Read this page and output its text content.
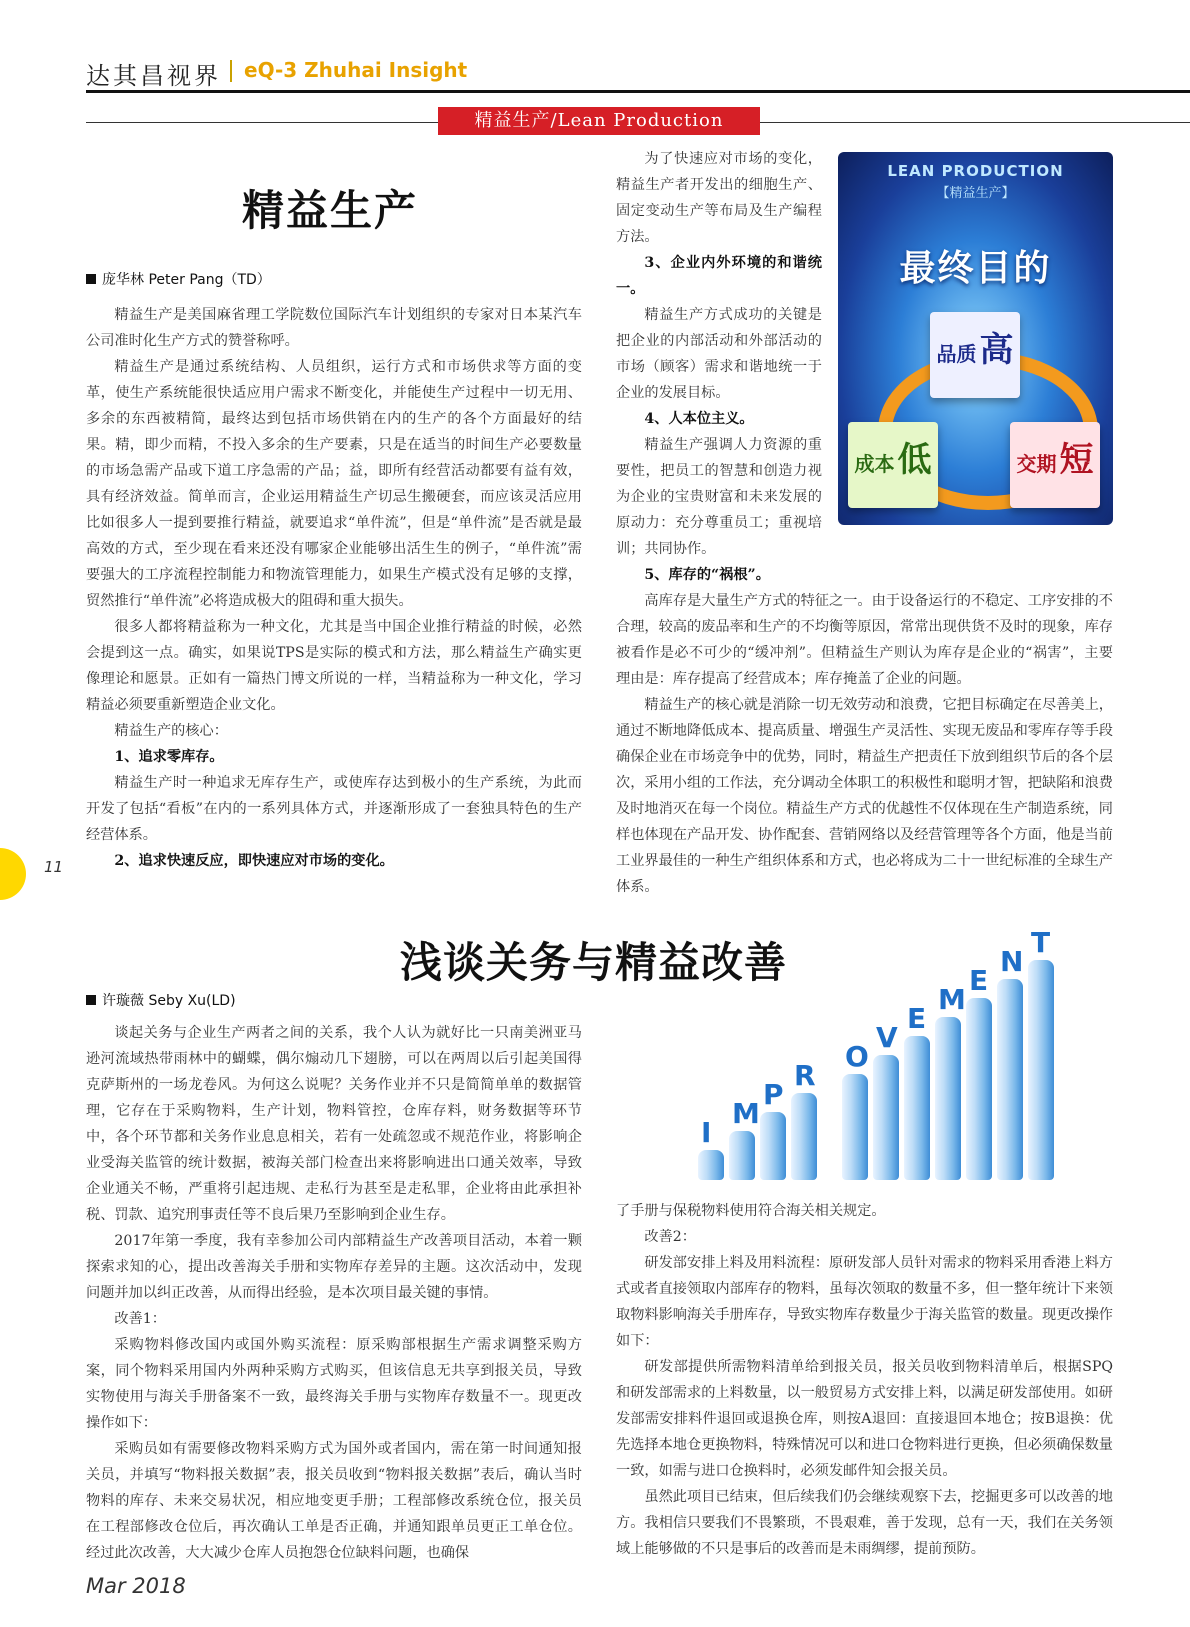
达其昌视界 eQ-3 Zhuhai Insight
精益生产/Lean Production
精益生产
庞华林 Peter Pang（TD）

精益生产是美国麻省理工学院数位国际汽车计划组织的专家对日本某汽车公司准时化生产方式的赞誉称呼。

精益生产是通过系统结构、人员组织，运行方式和市场供求等方面的变革，使生产系统能很快适应用户需求不断变化，并能使生产过程中一切无用、多余的东西被精简，最终达到包括市场供销在内的生产的各个方面最好的结果。精，即少而精，不投入多余的生产要素，只是在适当的时间生产必要数量的市场急需产品或下道工序急需的产品；益，即所有经营活动都要有益有效，具有经济效益。简单而言，企业运用精益生产切忌生搬硬套，而应该灵活应用比如很多人一提到要推行精益，就要追求“单件流”，但是“单件流”是否就是最高效的方式，至少现在看来还没有哪家企业能够出活生生的例子，“单件流”需要强大的工序流程控制能力和物流管理能力，如果生产模式没有足够的支撑，贸然推行“单件流”必将造成极大的阻碍和重大损失。

很多人都将精益称为一种文化，尤其是当中国企业推行精益的时候，必然会提到这一点。确实，如果说TPS是实际的模式和方法，那么精益生产确实更像理论和愿景。正如有一篇热门博文所说的一样，当精益称为一种文化，学习精益必须要重新塑造企业文化。

精益生产的核心：

1、追求零库存。

精益生产时一种追求无库存生产，或使库存达到极小的生产系统，为此而开发了包括“看板”在内的一系列具体方式，并逐渐形成了一套独具特色的生产经营体系。

2、追求快速反应，即快速应对市场的变化。

为了快速应对市场的变化，精益生产者开发出的细胞生产、固定变动生产等布局及生产编程方法。

3、企业内外环境的和谐统一。

精益生产方式成功的关键是把企业的内部活动和外部活动的市场（顾客）需求和谐地统一于企业的发展目标。

4、人本位主义。

精益生产强调人力资源的重要性，把员工的智慧和创造力视为企业的宝贵财富和未来发展的原动力：充分尊重员工；重视培训；共同协作。

5、库存的“祸根”。

高库存是大量生产方式的特征之一。由于设备运行的不稳定、工序安排的不合理，较高的废品率和生产的不均衡等原因，常常出现供货不及时的现象，库存被看作是必不可少的“缓冲剂”。但精益生产则认为库存是企业的“祸害”，主要理由是：库存提高了经营成本；库存掩盖了企业的问题。

精益生产的核心就是消除一切无效劳动和浪费，它把目标确定在尽善美上，通过不断地降低成本、提高质量、增强生产灵活性、实现无废品和零库存等手段确保企业在市场竞争中的优势，同时，精益生产把责任下放到组织节后的各个层次，采用小组的工作法，充分调动全体职工的积极性和聪明才智，把缺陷和浪费及时地消灭在每一个岗位。精益生产方式的优越性不仅体现在生产制造系统，同样也体现在产品开发、协作配套、营销网络以及经营管理等各个方面，他是当前工业界最佳的一种生产组织体系和方式，也必将成为二十一世纪标准的全球生产体系。

LEAN PRODUCTION
【精益生产】
最终目的
品质高
成本低	交期短
11
浅谈关务与精益改善
许璇薇 Seby Xu(LD)

谈起关务与企业生产两者之间的关系，我个人认为就好比一只南美洲亚马逊河流域热带雨林中的蝴蝶，偶尔煽动几下翅膀，可以在两周以后引起美国得克萨斯州的一场龙卷风。为何这么说呢？关务作业并不只是简简单单的数据管理，它存在于采购物料，生产计划，物料管控，仓库存料，财务数据等环节中，各个环节都和关务作业息息相关，若有一处疏忽或不规范作业，将影响企业受海关监管的统计数据，被海关部门检查出来将影响进出口通关效率，导致企业通关不畅，严重将引起违规、走私行为甚至是走私罪，企业将由此承担补税、罚款、追究刑事责任等不良后果乃至影响到企业生存。

2017年第一季度，我有幸参加公司内部精益生产改善项目活动，本着一颗探索求知的心，提出改善海关手册和实物库存差异的主题。这次活动中，发现问题并加以纠正改善，从而得出经验，是本次项目最关键的事情。

改善1：

采购物料修改国内或国外购买流程：原采购部根据生产需求调整采购方案，同个物料采用国内外两种采购方式购买，但该信息无共享到报关员，导致实物使用与海关手册备案不一致，最终海关手册与实物库存数量不一。现更改操作如下：

采购员如有需要修改物料采购方式为国外或者国内，需在第一时间通知报关员，并填写“物料报关数据”表，报关员收到“物料报关数据”表后，确认当时物料的库存、未来交易状况，相应地变更手册；工程部修改系统仓位，报关员在工程部修改仓位后，再次确认工单是否正确，并通知跟单员更正工单仓位。经过此次改善，大大减少仓库人员抱怨仓位缺料问题，也确保

了手册与保税物料使用符合海关相关规定。

改善2：

研发部安排上料及用料流程：原研发部人员针对需求的物料采用香港上料方式或者直接领取内部库存的物料，虽每次领取的数量不多，但一整年统计下来领取物料影响海关手册库存，导致实物库存数量少于海关监管的数量。现更改操作如下：

研发部提供所需物料清单给到报关员，报关员收到物料清单后，根据SPQ和研发部需求的上料数量，以一般贸易方式安排上料，以满足研发部使用。如研发部需安排料件退回或退换仓库，则按A退回：直接退回本地仓；按B退换：优先选择本地仓更换物料，特殊情况可以和进口仓物料进行更换，但必须确保数量一致，如需与进口仓换料时，必须发邮件知会报关员。

虽然此项目已结束，但后续我们仍会继续观察下去，挖掘更多可以改善的地方。我相信只要我们不畏繁琐，不畏艰难，善于发现，总有一天，我们在关务领域上能够做的不只是事后的改善而是未雨绸缪，提前预防。

I
M
P
R
O
V
E
M
E
N
T
Mar 2018
